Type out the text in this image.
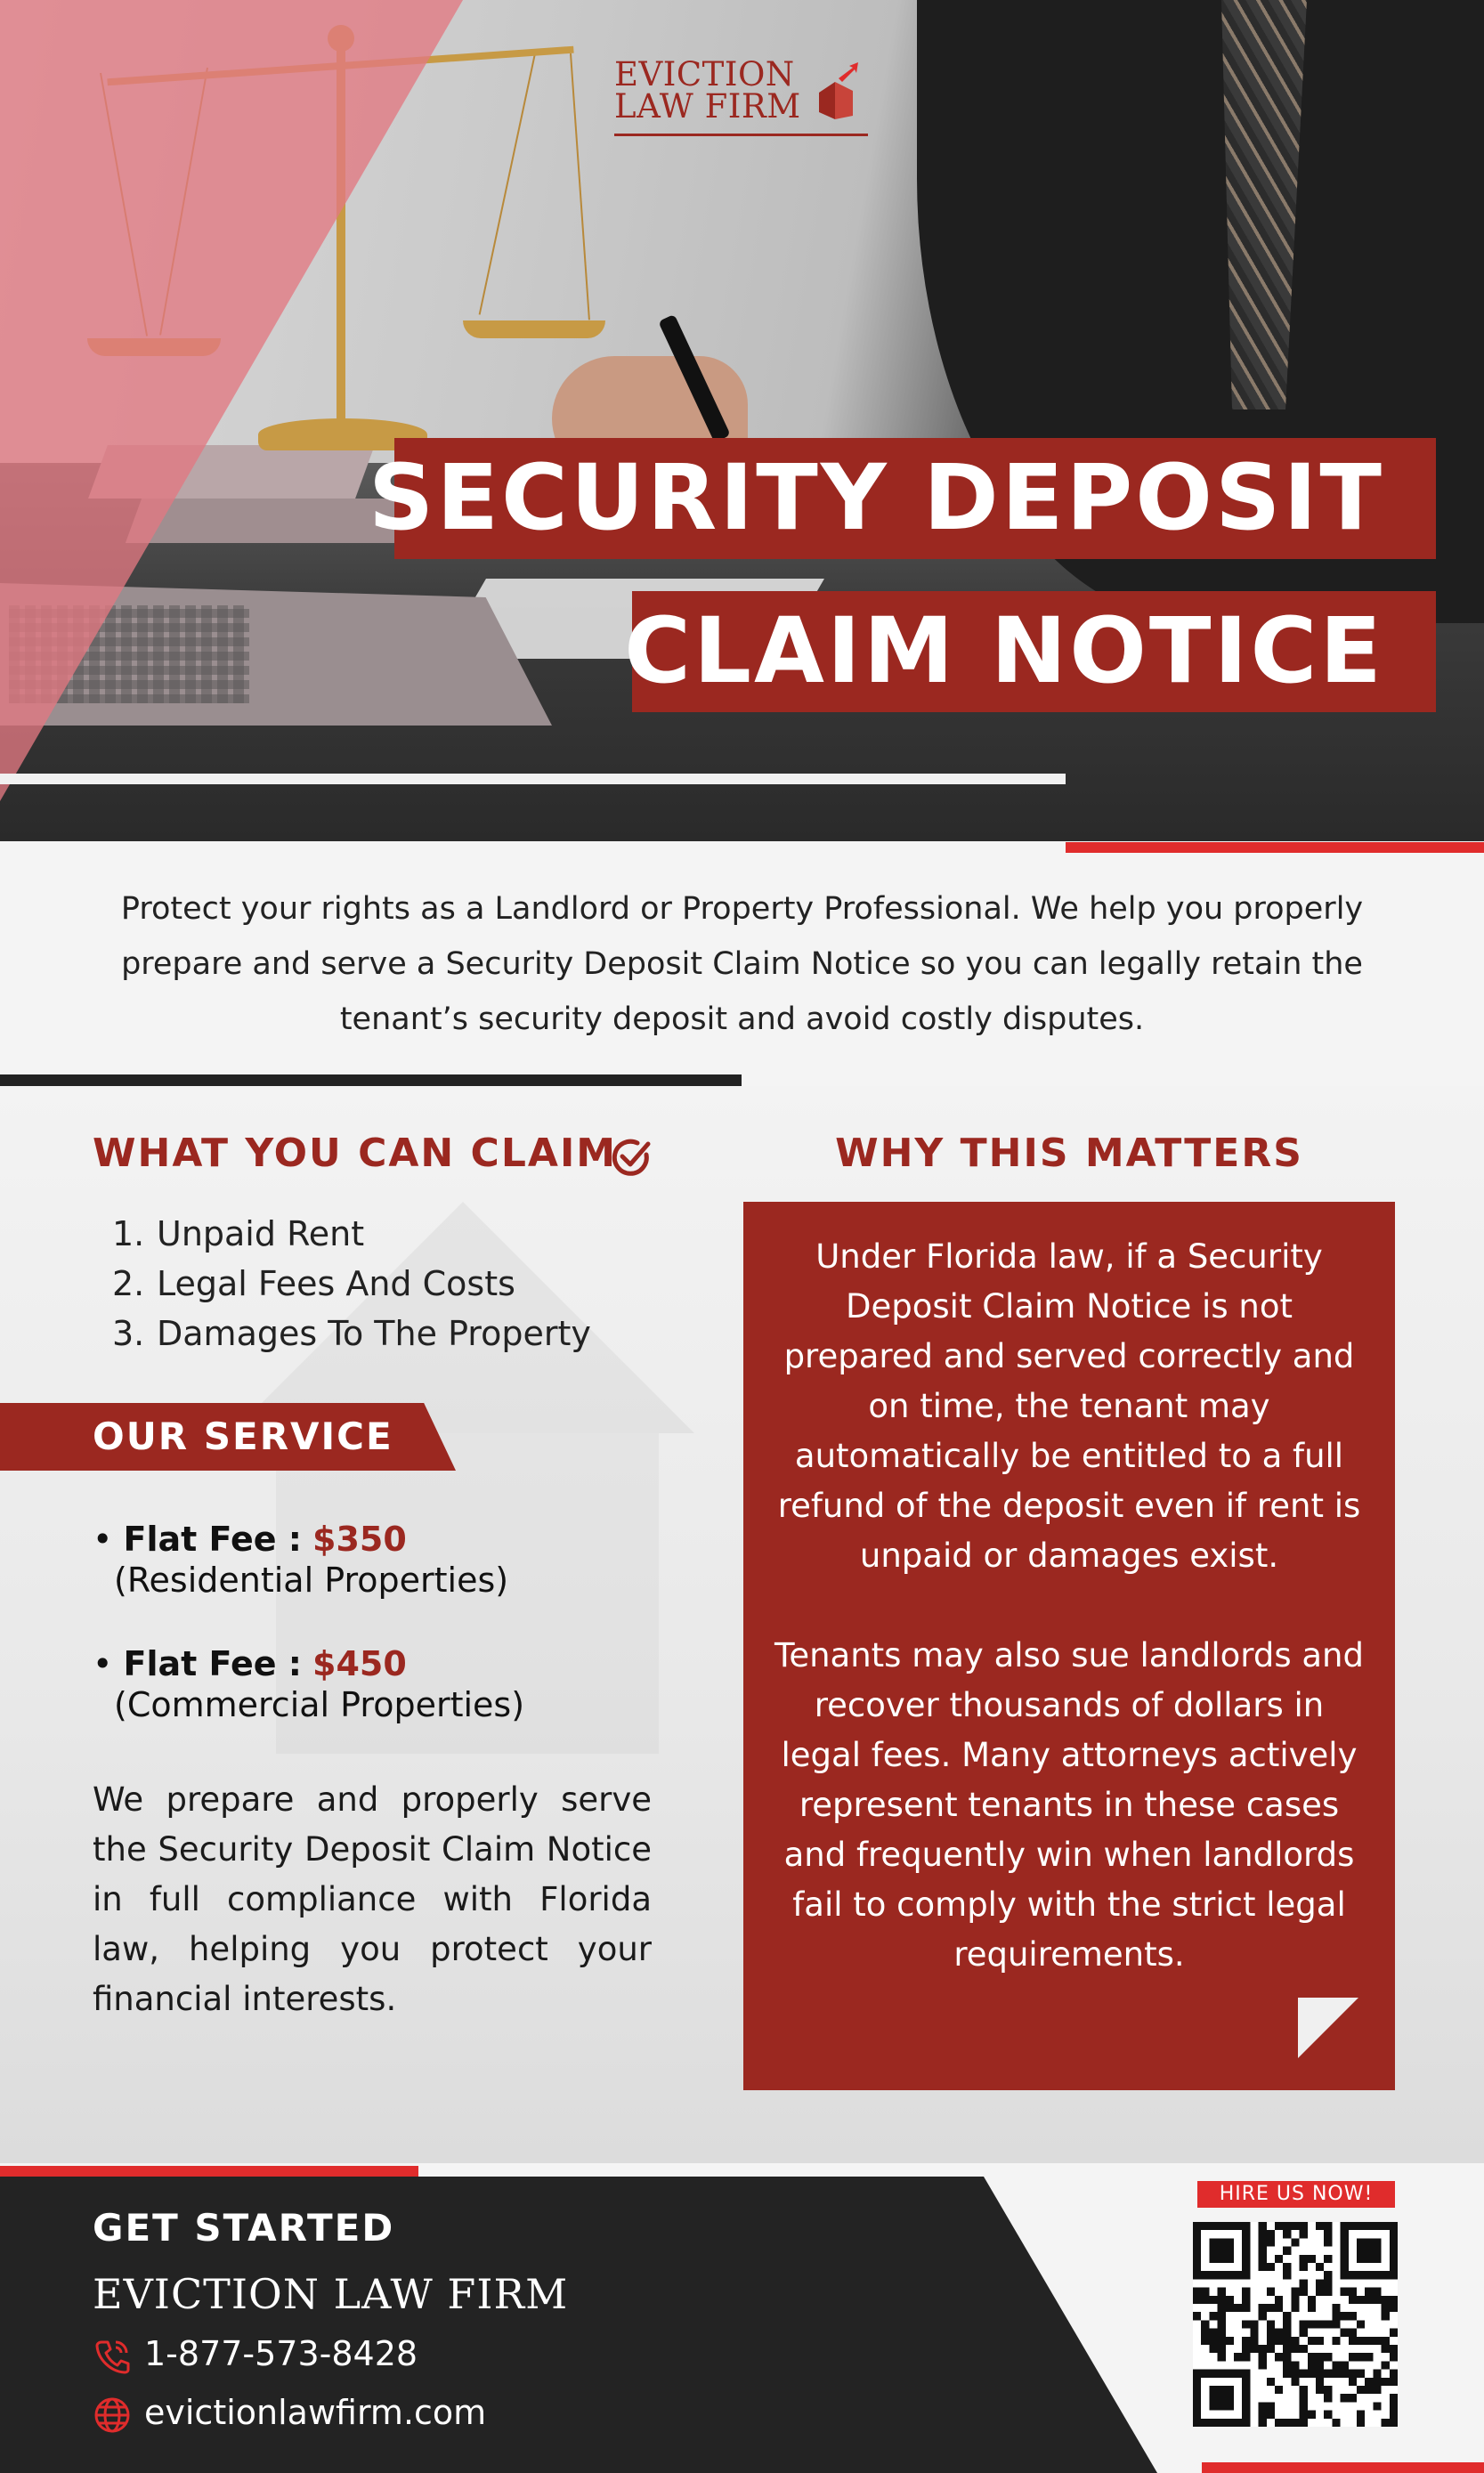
EVICTION
LAW FIRM
SECURITY DEPOSIT
CLAIM NOTICE
Protect your rights as a Landlord or Property Professional. We help you properly prepare and serve a Security Deposit Claim Notice so you can legally retain the tenant’s security deposit and avoid costly disputes.
WHAT YOU CAN CLAIM
1. Unpaid Rent
2. Legal Fees And Costs
3. Damages To The Property
OUR SERVICE
• Flat Fee : $350
(Residential Properties)
• Flat Fee : $450
(Commercial Properties)
We prepare and properly serve the Security Deposit Claim Notice in full compliance with Florida law, helping you protect your financial interests.
WHY THIS MATTERS

Under Florida law, if a Security Deposit Claim Notice is not prepared and served correctly and on time, the tenant may automatically be entitled to a full refund of the deposit even if rent is unpaid or damages exist.

Tenants may also sue landlords and recover thousands of dollars in legal fees. Many attorneys actively represent tenants in these cases and frequently win when landlords fail to comply with the strict legal requirements.

GET STARTED
EVICTION LAW FIRM
1-877-573-8428
evictionlawfirm.com
HIRE US NOW!
